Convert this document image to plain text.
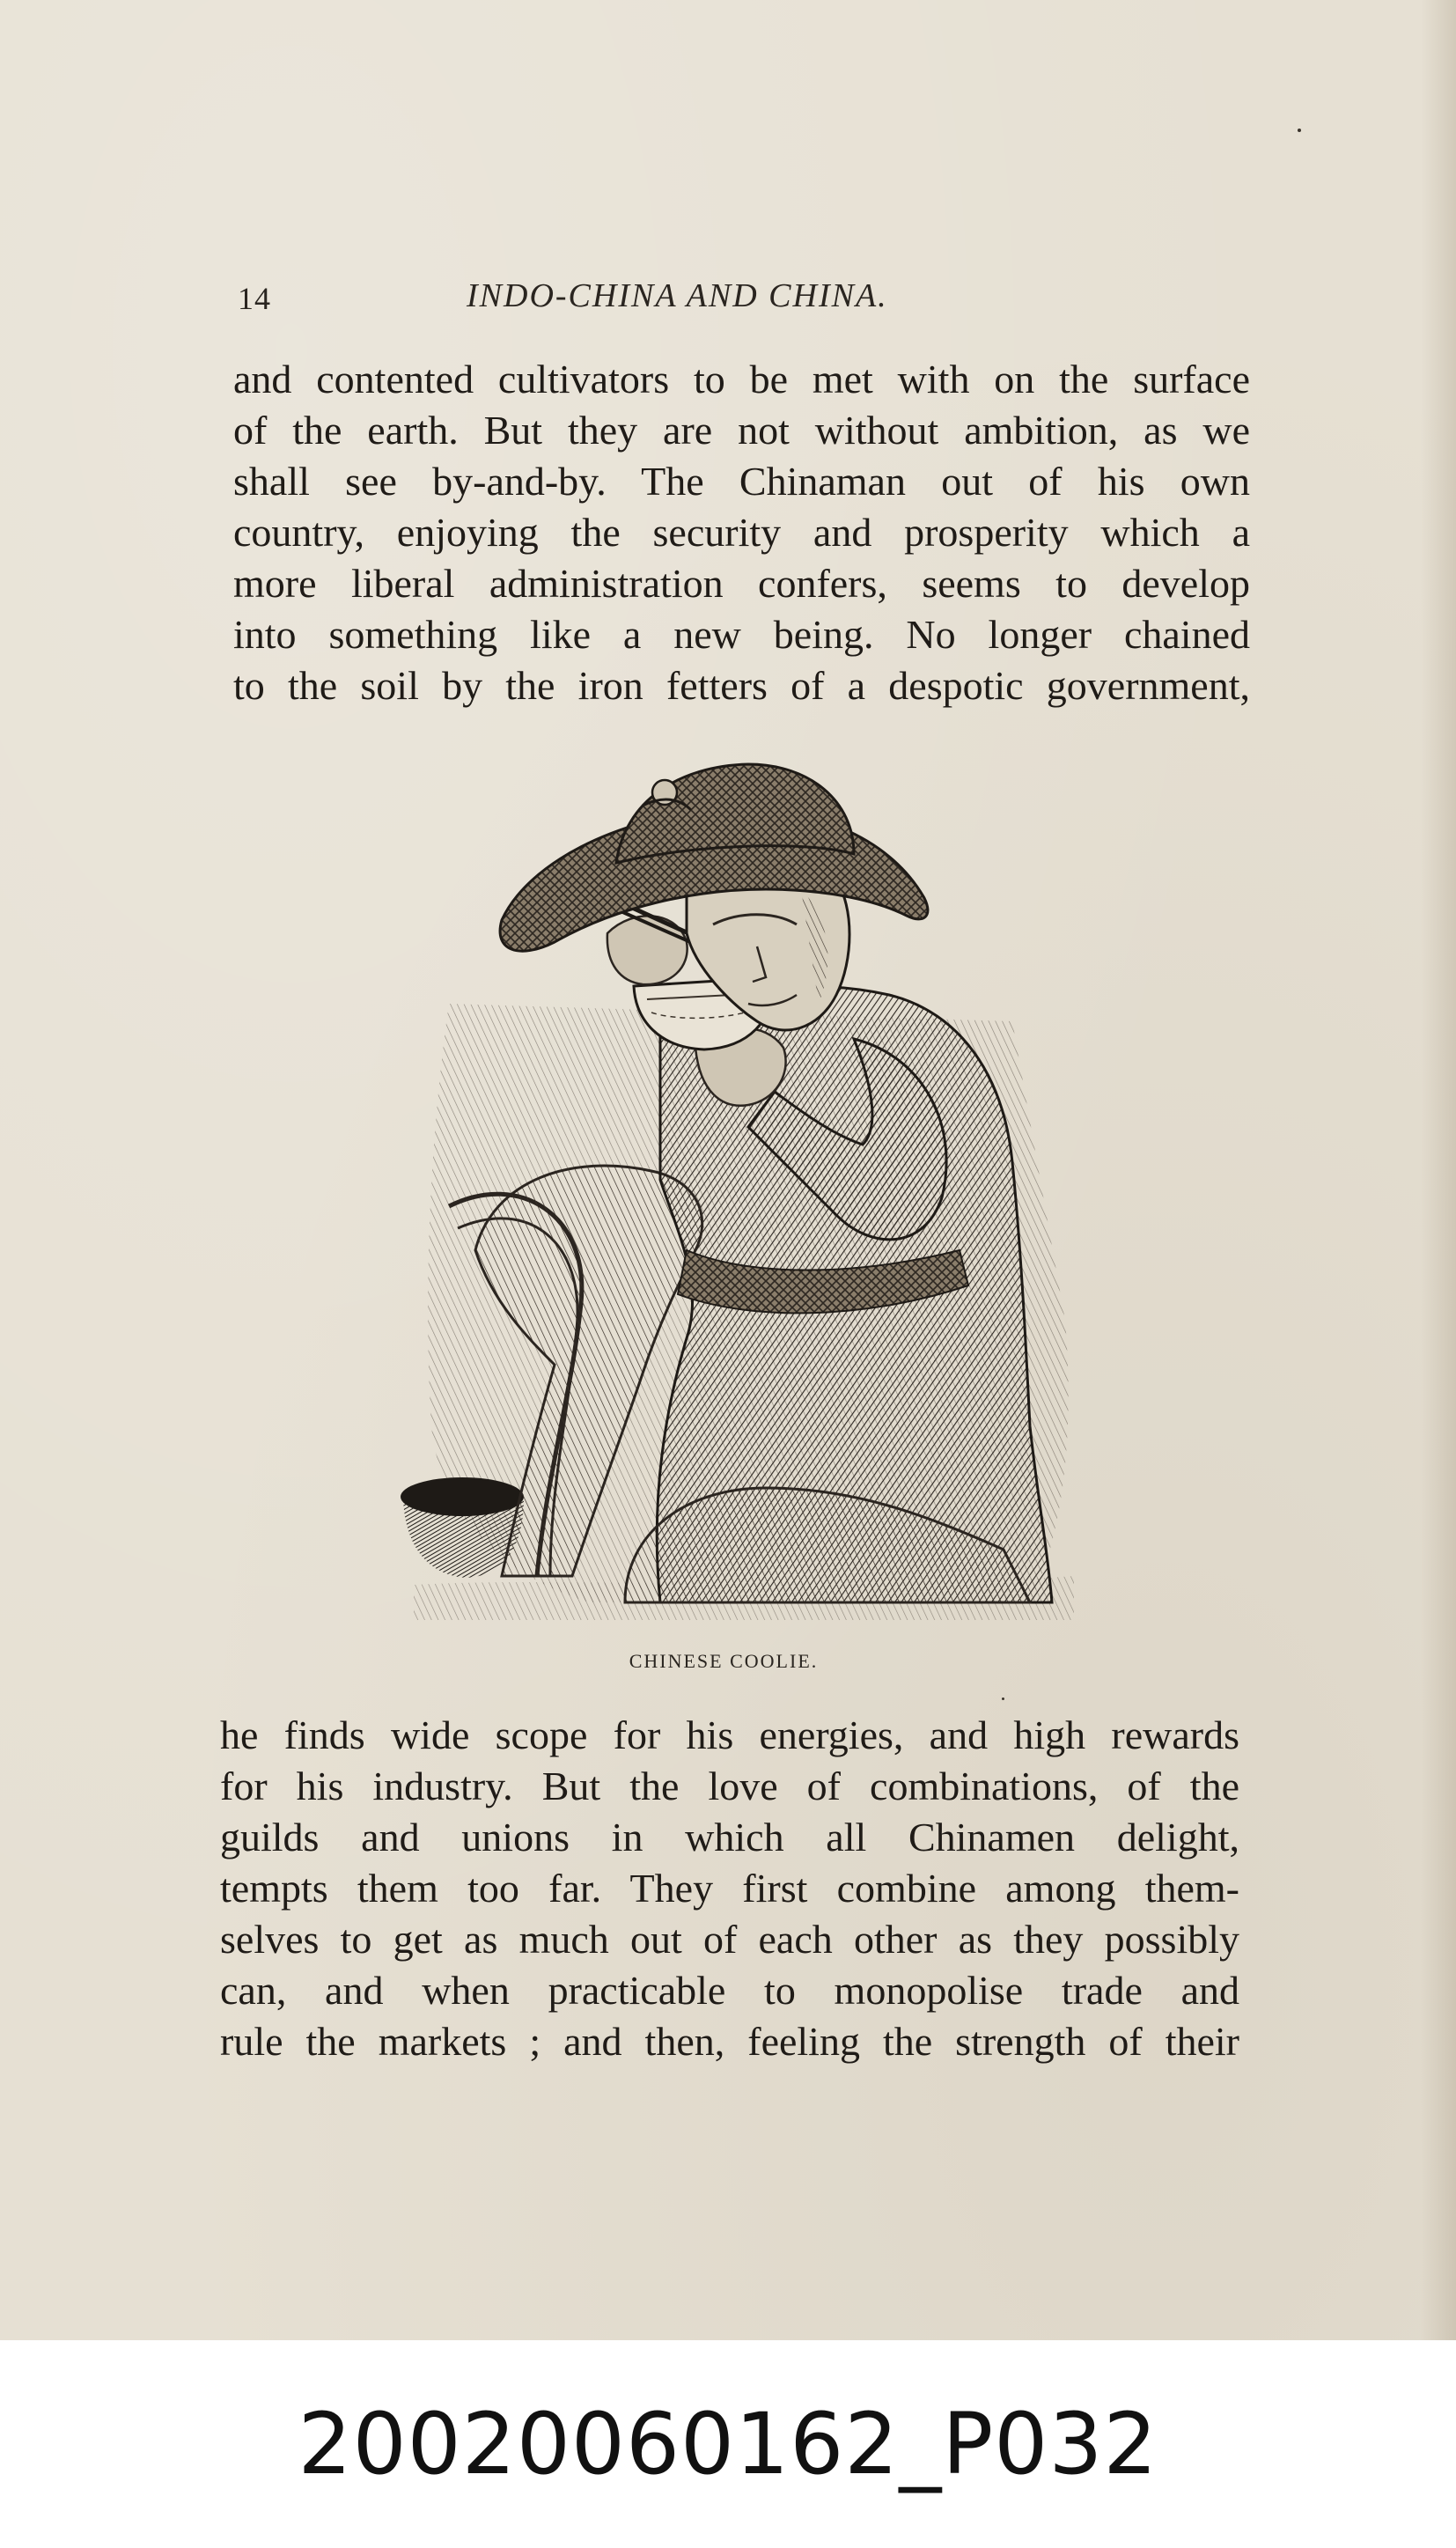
14	INDO-CHINA AND CHINA.
and contented cultivators to be met with on the surface
of the earth. But they are not without ambition, as we
shall see by-and-by. The Chinaman out of his own
country, enjoying the security and prosperity which a
more liberal administration confers, seems to develop
into something like a new being. No longer chained
to the soil by the iron fetters of a despotic government,
CHINESE COOLIE.
he finds wide scope for his energies, and high rewards
for his industry. But the love of combinations, of the
guilds and unions in which all Chinamen delight,
tempts them too far. They first combine among them-
selves to get as much out of each other as they possibly
can, and when practicable to monopolise trade and
rule the markets ; and then, feeling the strength of their
20020060162_P032
